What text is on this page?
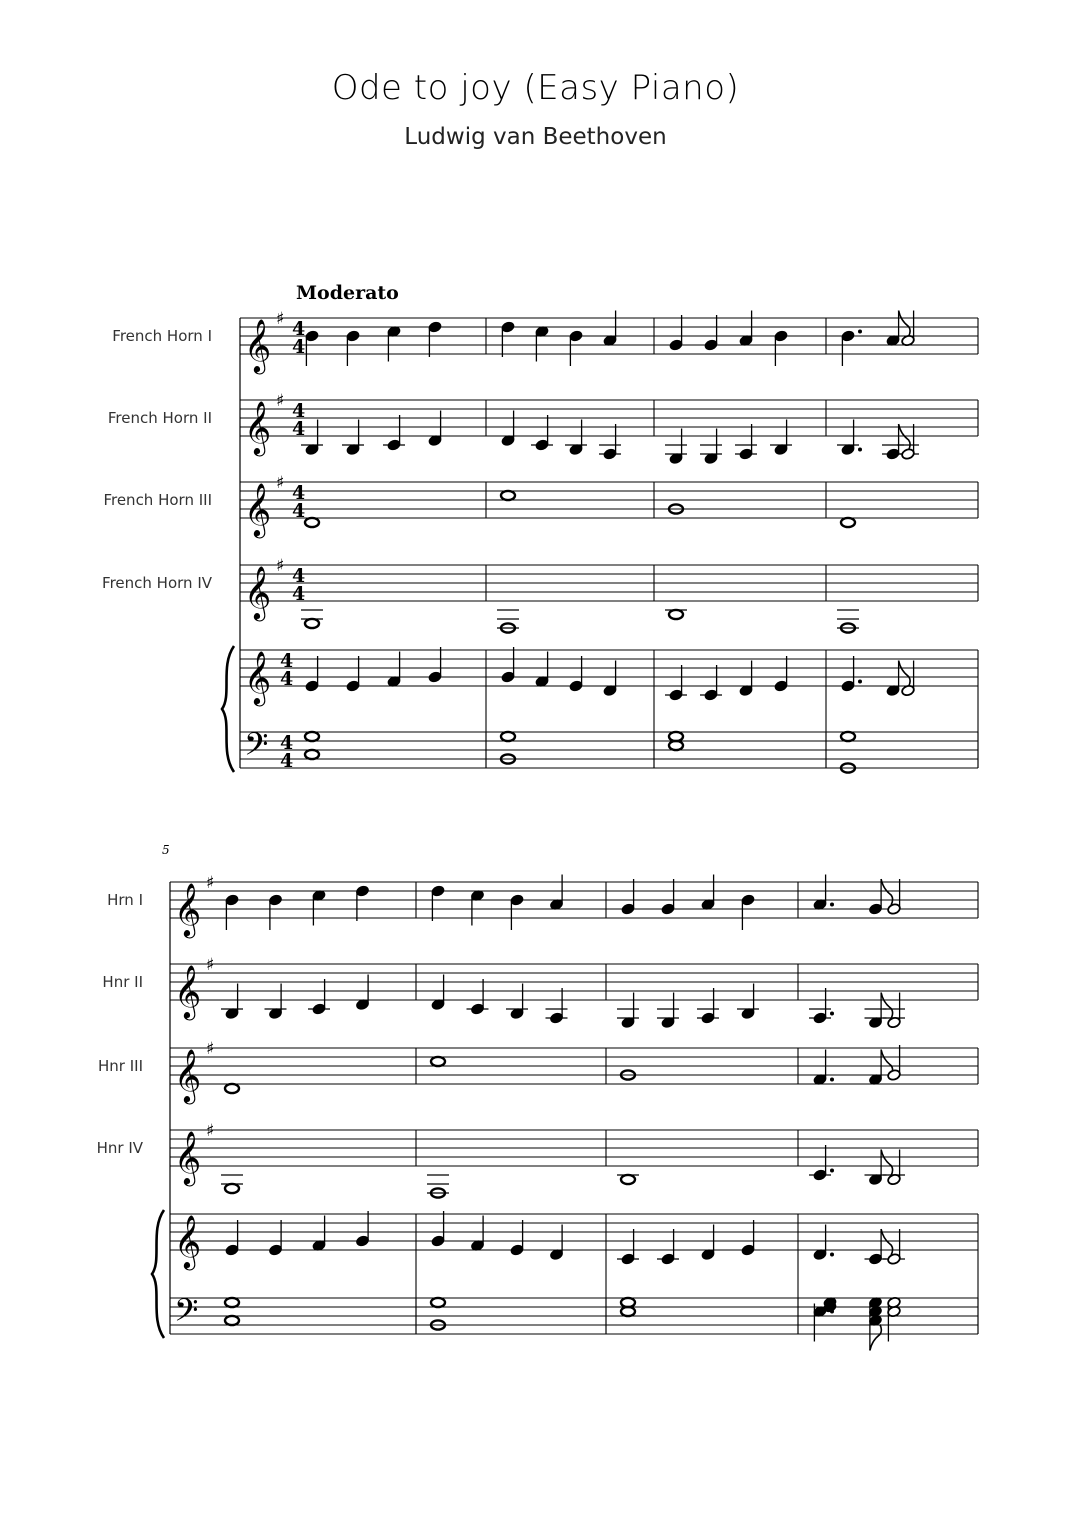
Ode to joy (Easy Piano)
Ludwig van Beethoven
Moderato
𝄞 ♯ 4
4
French Horn I
𝄞 ♯ 4
4
French Horn II
𝄞 ♯ 4
4
French Horn III
𝄞 ♯ 4
4
French Horn IV
𝄞 4
4
𝄢 4
4
5
𝄞 ♯
Hrn I
𝄞 ♯
Hnr II
𝄞 ♯
Hnr III
𝄞 ♯
Hnr IV
𝄞
𝄢
